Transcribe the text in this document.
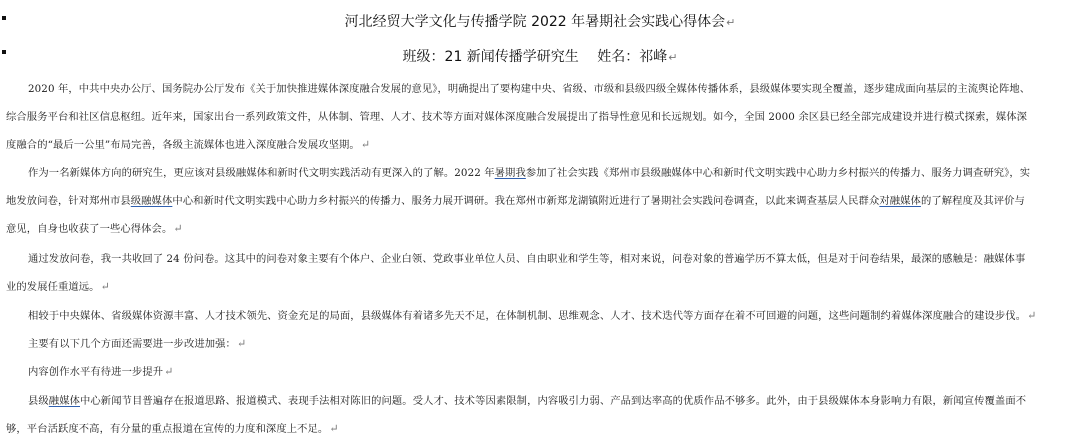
河北经贸大学文化与传播学院 2022 年暑期社会实践心得体会↵
班级：21 新闻传播学研究生　 姓名：祁峰↵
2020 年，中共中央办公厅、国务院办公厅发布《关于加快推进媒体深度融合发展的意见》，明确提出了要构建中央、省级、市级和县级四级全媒体传播体系，县级媒体要实现全覆盖，逐步建成面向基层的主流舆论阵地、
综合服务平台和社区信息枢纽。近年来，国家出台一系列政策文件，从体制、管理、人才、技术等方面对媒体深度融合发展提出了指导性意见和长远规划。如今，全国 2000 余区县已经全部完成建设并进行模式探索，媒体深
度融合的“最后一公里”布局完善，各级主流媒体也进入深度融合发展攻坚期。↵
作为一名新媒体方向的研究生，更应该对县级融媒体和新时代文明实践活动有更深入的了解。2022 年暑期我参加了社会实践《郑州市县级融媒体中心和新时代文明实践中心助力乡村振兴的传播力、服务力调查研究》，实
地发放问卷，针对郑州市县级融媒体中心和新时代文明实践中心助力乡村振兴的传播力、服务力展开调研。我在郑州市新郑龙湖镇附近进行了暑期社会实践问卷调查，以此来调查基层人民群众对融媒体的了解程度及其评价与
意见，自身也收获了一些心得体会。↵
通过发放问卷，我一共收回了 24 份问卷。这其中的问卷对象主要有个体户、企业白领、党政事业单位人员、自由职业和学生等，相对来说，问卷对象的普遍学历不算太低，但是对于问卷结果，最深的感触是：融媒体事
业的发展任重道远。↵
相较于中央媒体、省级媒体资源丰富、人才技术领先、资金充足的局面，县级媒体有着诸多先天不足，在体制机制、思维观念、人才、技术迭代等方面存在着不可回避的问题，这些问题制约着媒体深度融合的建设步伐。↵
主要有以下几个方面还需要进一步改进加强：↵
内容创作水平有待进一步提升↵
县级融媒体中心新闻节目普遍存在报道思路、报道模式、表现手法相对陈旧的问题。受人才、技术等因素限制，内容吸引力弱、产品到达率高的优质作品不够多。此外，由于县级媒体本身影响力有限，新闻宣传覆盖面不
够，平台活跃度不高，有分量的重点报道在宣传的力度和深度上不足。↵
